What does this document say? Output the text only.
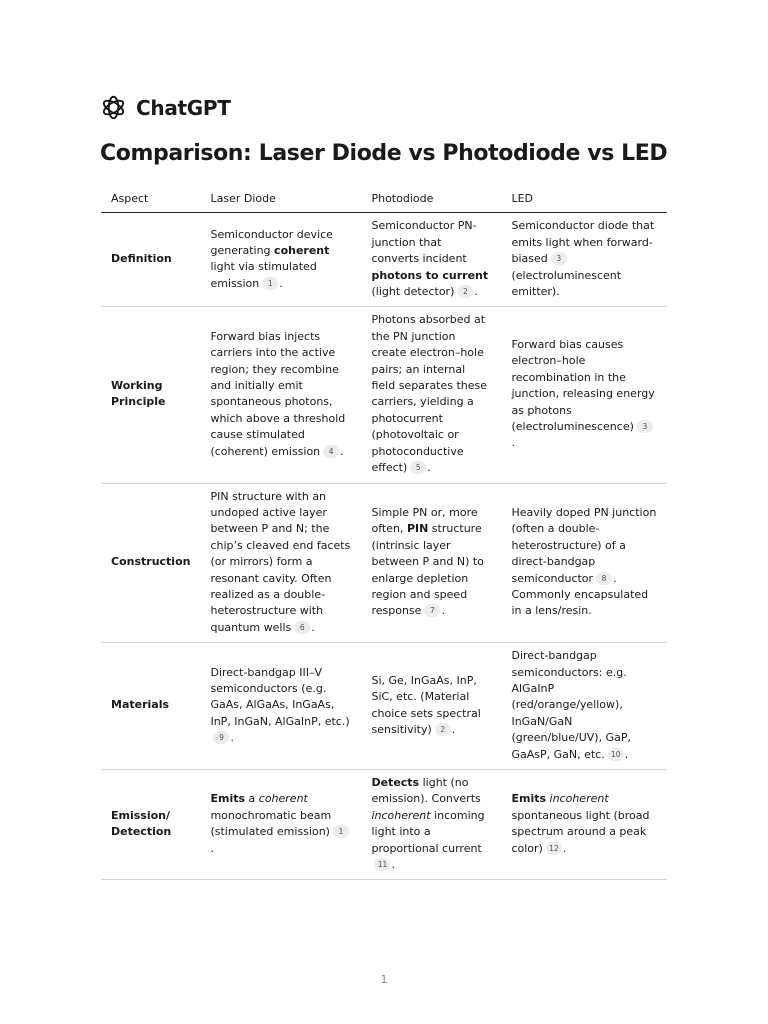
ChatGPT
Comparison: Laser Diode vs Photodiode vs LED
Aspect	Laser Diode	Photodiode	LED
Definition	Semiconductor device generating coherent light via stimulated emission 1 .	Semiconductor PN-junction that converts incident photons to current (light detector) 2 .	Semiconductor diode that emits light when forward-biased 3 (electroluminescent emitter).
Working Principle	Forward bias injects carriers into the active region; they recombine and initially emit spontaneous photons, which above a threshold cause stimulated (coherent) emission 4 .	Photons absorbed at the PN junction create electron–hole pairs; an internal field separates these carriers, yielding a photocurrent (photovoltaic or photoconductive effect) 5 .	Forward bias causes electron–hole recombination in the junction, releasing energy as photons (electroluminescence) 3.
Construction	PIN structure with an undoped active layer between P and N; the chip’s cleaved end facets (or mirrors) form a resonant cavity. Often realized as a double-heterostructure with quantum wells 6 .	Simple PN or, more often, PIN structure (intrinsic layer between P and N) to enlarge depletion region and speed response 7 .	Heavily doped PN junction (often a double-heterostructure) of a direct-bandgap semiconductor 8 . Commonly encapsulated in a lens/resin.
Materials	Direct-bandgap III–V semiconductors (e.g. GaAs, AlGaAs, InGaAs, InP, InGaN, AlGaInP, etc.)9 .	Si, Ge, InGaAs, InP, SiC, etc. (Material choice sets spectral sensitivity) 2 .	Direct-bandgap semiconductors: e.g. AlGaInP (red/orange/yellow), InGaN/GaN (green/blue/UV), GaP, GaAsP, GaN, etc. 10 .
Emission/ Detection	Emits a coherent monochromatic beam (stimulated emission) 1.	Detects light (no emission). Converts incoherent incoming light into a proportional current11 .	Emits incoherent spontaneous light (broad spectrum around a peak color) 12 .
1
